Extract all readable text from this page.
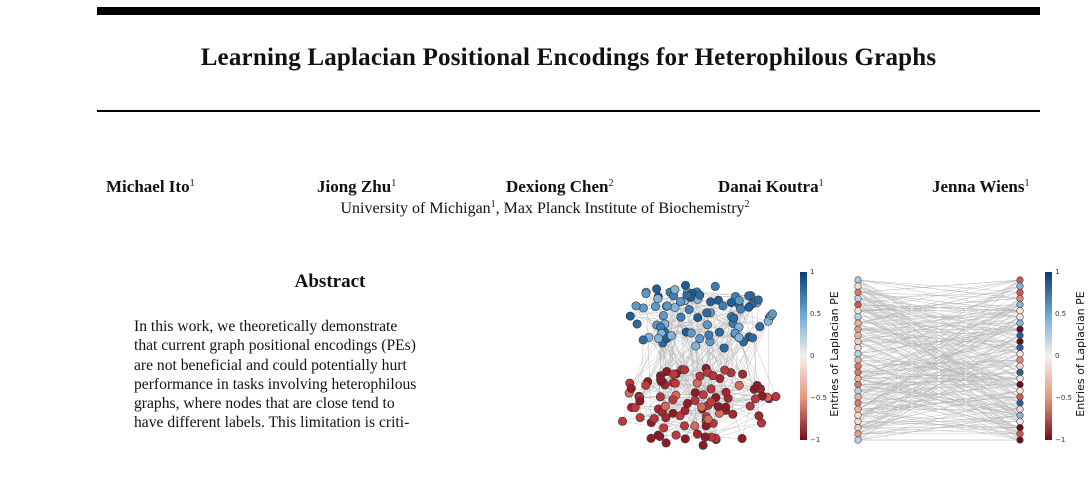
Learning Laplacian Positional Encodings for Heterophilous Graphs
Michael Ito$^1$	Jiong Zhu$^1$	Dexiong Chen$^2$	Danai Koutra$^1$	Jenna Wiens$^1$
University of Michigan$^1$, Max Planck Institute of Biochemistry$^2$
Abstract
In this work, we theoretically demonstrate
that current graph positional encodings (PEs)
are not beneficial and could potentially hurt
performance in tasks involving heterophilous
graphs, where nodes that are close tend to
have different labels. This limitation is criti-
1
0.5
0
−0.5
−1
Entries of Laplacian PE
1
0.5
0
−0.5
−1
Entries of Laplacian PE
